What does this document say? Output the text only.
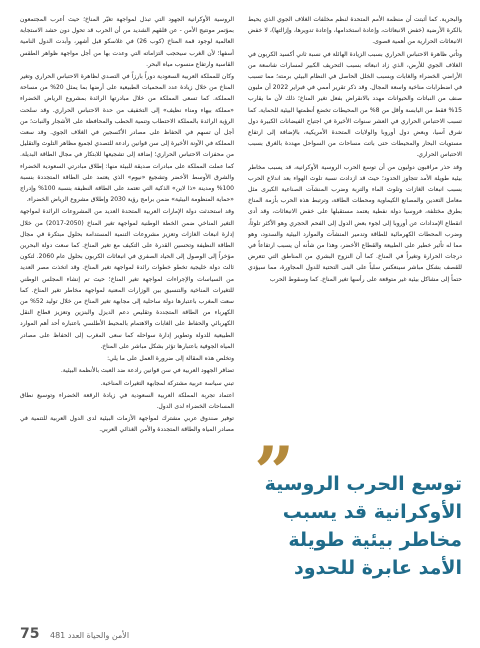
والبحرية. كما أثبتت أن منظمة الأمم المتحدة لنظم مخلفات الغلاف الجوي الذي يحيط بالكرة الأرضية (خفض الانبعاثات، وإعادة استخدامها، وإعادة تدويرها، وإزالتها)، لا خفض الانبعاثات الحرارية من أهمية قصوى.

وتأتي ظاهرة الاحتباس الحراري بسبب الزيادة الهائلة في نسبة ثاني أكسيد الكربون في الغلاف الجوي للأرض، الذي زاد انبعاثه بسبب التحريف الكبير لمسارات شاسعة من الأراضي الخضراء والغابات وبسبب الخلل الحاصل في النظام البيئي برمته؛ مما تسبب في اضطرابات مناخية واسعة المجال. وقد ذكر تقرير أممي في فبراير 2022 أن مليون صنف من النباتات والحيوانات مهدد بالانقراض بفعل تغير المناخ؛ ذلك لأن ما يقارب 15% فقط من اليابسة وأقل من 8% من المحيطات تخضع أنظمتها البيئية للحماية. كما تسبب الاحتباس الحراري في العشر سنوات الأخيرة في اجتياح الفيضانات الكبيرة دول شرق آسيا، وبعض دول أوروبا والولايات المتحدة الأمريكية، بالإضافة إلى ارتفاع مستويات البحار والمحيطات حتى باتت مساحات من السواحل مهددة بالغرق بسبب الاحتباس الحراري.

وقد حذر مراقبون دوليون من أن توسع الحرب الروسية الأوكرانية، قد يسبب مخاطر بيئية طويلة الأمد تتجاوز الحدود؛ حيث قد ازدادت نسبة تلوث الهواء بعد اندلاع الحرب بسبب انبعاث الغازات وتلوث الماء والتربة وضرب المنشآت الصناعية الكبرى مثل معامل التعدين والمصانع الكيماوية ومحطات الطاقة، وترتبط هذه الحرب بأزمة المناخ بطرق مختلفة، فروسيا دولة نفطية يعتمد مستقبلها على خفض الانبعاثات، وقد أدى انقطاع الإمدادات عن أوروبا إلى لجوء بعض الدول إلى الفحم الحجري وهو الأكثر تلوثاً، وضرب المحطات الكهرمائية للطاقة وتدمير المنشآت والموارد البيئية والسدود، وهو مما له تأثير خطير على الطبيعة والقطاع الأخضر، وهذا من شأنه أن يسبب ارتفاعاً في درجات الحرارة وتغيراً في المناخ. كما أن النزوح البشري من المناطق التي تتعرض للقصف بشكل مباشر سينعكس سلباً على البنى التحتية للدول المجاورة، مما سيؤدي حتماً إلى مشاكل بيئية غير متوقعة على رأسها تغير المناخ. كما وسقوط الحرب

”
توسع الحرب الروسية الأوكرانية قد يسبب مخاطر بيئية طويلة الأمد عابرة للحدود

الروسية الأوكرانية الجهود التي تبذل لمواجهة تغيّر المناخ؛ حيث أعرب المجتمعون بمؤتمر مونتيج الأمن - عن قلقهم الشديد من أن الحرب قد تحول دون حشد الاستجابة العالمية لوجود قمة المناخ (كوب 26) في غلاسكو قبل أشهر، وأبدت الدول النامية أسفها؛ لأن الغرب سيحجب التزاماته التي وعدت بها من أجل مواجهة ظواهر الطقس القاسية وارتفاع منسوب مياه البحر.

وكان للمملكة العربية السعودية دوراً بارزاً في التصدي لظاهرة الاحتباس الحراري وتغير المناخ من خلال زيادة عدد المحميات الطبيعية على أرضها بما يمثل 20% من مساحة المملكة. كما تسعى المملكة من خلال مبادرتها الرائدة بمشروع الرياض الخضراء «مملكة بيهاء ومناء نظيف» إلى التخفيف من حدة الاحتباس الحراري. وقد سلحت الرؤية الرائدة بالمملكة الاحتطاب وتنمية الحطب والمحافظة على الأشجار والنبات؛ من أجل أن تسهم في الحفاظ على مصادر الأكسجين في الغلاف الجوي. وقد سعت المملكة في الآونة الأخيرة إلى سن قوانين رادعة للتصدي لجميع مظاهر التلوث والتقليل من محفزات الاحتباس الحراري؛ إضافة إلى تشجيعها للابتكار في مجال الطاقة البديلة. كما عملت المملكة على مبادرات صديقة للبيئة منها: إطلاق مبادرتي السعودية الخضراء والشرق الأوسط الأخضر وتشجيع «نيوم» الذي يعتمد على الطاقة المتجددة بنسبة 100% ومدينة «ذا لاين» الذكية التي تعتمد على الطاقة النظيفة بنسبة 100% وإدراج «حماية المنظومة البيئية» ضمن برامج رؤية 2030 وإطلاق مشروع الرياض الخضراء.

وقد استحدثت دولة الإمارات العربية المتحدة العديد من المشروعات الرائدة لمواجهة التغير المناخي ضمن الخطة الوطنية لمواجهة تغير المناخ (2050-2017) من خلال إدارة انبعاث الغازات وتعزيز مشروعات التنمية المستدامة بحلول مبتكرة في مجال الطاقة النظيفة وتحسين القدرة على التكيف مع تغير المناخ. كما سعت دولة البحرين مؤخراً إلى الوصول إلى الحياد الصفري في انبعاثات الكربون بحلول عام 2060. لتكون ثالث دولة خليجية تخطو خطوات رائدة لمواجهة تغير المناخ. وقد اتخذت مصر العديد من السياسات والإجراءات لمواجهة تغير المناخ؛ حيث تم إنشاء المجلس الوطني للتغيرات المناخية والتنسيق بين الوزارات المعنية لمواجهة مخاطر تغير المناخ. كما سعت المغرب باعتبارها دولة ساحلية إلى مجابهة تغير المناخ من خلال توليد 52% من الكهرباء من الطاقة المتجددة وتقليص دعم الديزل والبنزين وتعزيز قطاع النقل الكهربائي والحفاظ على الغابات والاهتمام بالمحيط الأطلسي باعتباره أحد أهم الموارد الطبيعية للدولة وتطوير إدارة سواحله كما سعى المغرب إلى الحفاظ على مصادر المياه الجوفية باعتبارها تؤثر بشكل مباشر على المناخ.

وتخلص هذه المقالة إلى ضرورة العمل على ما يلي:

تضافر الجهود العربية في سن قوانين رادعة ضد العبث بالأنظمة البيئية.

تبني سياسة عربية مشتركة لمجابهة التغيرات المناخية.

اعتماد تجربة المملكة العربية السعودية في زيادة الرقعة الخضراء وتوسيع نطاق المساحات الخضراء لدى الدول.

توفير صندوق عربي مشترك لمواجهة الأزمات البيئية لدى الدول العربية للتنمية في مصادر المياه والطاقة المتجددة والأمن الغذائي العربي.

75	الأمن والحياة العدد 481
